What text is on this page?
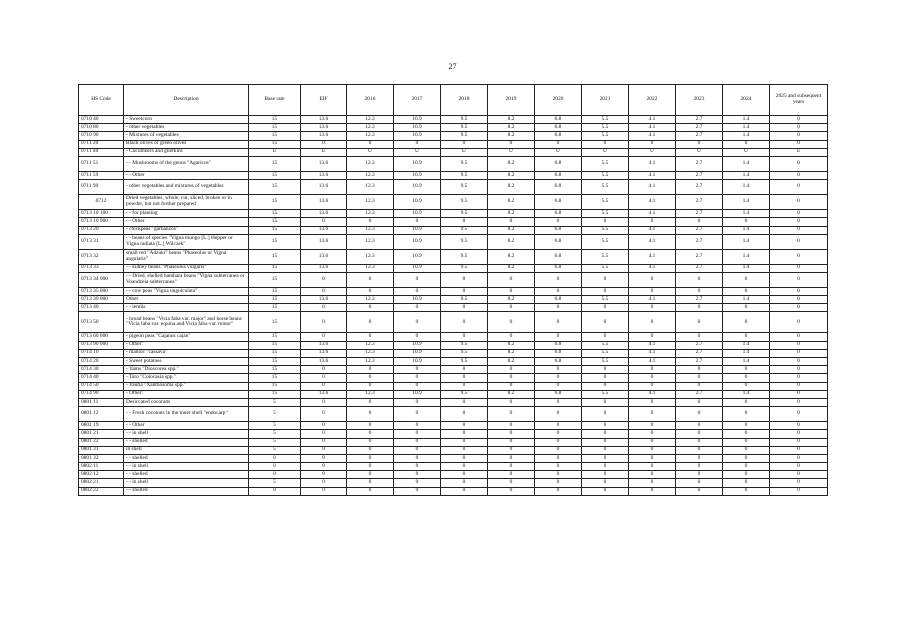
27
HS Code	Description	Base rate	EIF	2016	2017	2018	2019	2020	2021	2022	2023	2024	2025 and subsequent years
0710 40	- Sweetcorn	15	13.6	12.3	10.9	9.5	8.2	6.8	5.5	4.1	2.7	1.4	0
0710 80	- other vegetables	15	13.6	12.3	10.9	9.5	8.2	6.8	5.5	4.1	2.7	1.4	0
0710 90	- Mixtures of vegetables	15	13.6	12.3	10.9	9.5	8.2	6.8	5.5	4.1	2.7	1.4	0
0711 20	Black olives or green olives	15	0	0	0	0	0	0	0	0	0	0	0
0711 40	- Cucumbers and gherkins	U	U	U	U	U	U	U	U	U	U	U	U
0711 51	- - Mushrooms of the genus "Agaricus"	15	13.6	12.3	10.9	9.5	8.2	6.8	5.5	4.1	2.7	1.4	0
0711 59	- - Other	15	13.6	12.3	10.9	9.5	8.2	6.8	5.5	4.1	2.7	1.4	0
0711 90	- other vegetables and mixtures of vegetables	15	13.6	12.3	10.9	9.5	8.2	6.8	5.5	4.1	2.7	1.4	0
0712	Dried vegetables, whole, cut, sliced, broken or in powder, but not further prepared	15	13.6	12.3	10.9	9.5	8.2	6.8	5.5	4.1	2.7	1.4	0
0713 10 100	- - for planting	15	13.6	12.3	10.9	9.5	8.2	6.8	5.5	4.1	2.7	1.4	0
0713 10 900	- - Other	15	0	0	0	0	0	0	0	0	0	0	0
0713 20	- chickpeas "garbanzos"	15	13.6	12.3	10.9	9.5	8.2	6.8	5.5	4.1	2.7	1.4	0
0713 31	- - beans of species "Vigna mungo [L.] Hepper or Vigna radiata [L.] Wilczek"	15	13.6	12.3	10.9	9.5	8.2	6.8	5.5	4.1	2.7	1.4	0
0713 32	small red "Adzuki" beans "Phaseolus or Vigna angularis"	15	13.6	12.3	10.9	9.5	8.2	6.8	5.5	4.1	2.7	1.4	0
0713 33	- - kidney beans "Phaseolus vulgaris"	15	13.6	12.3	10.9	9.5	8.2	6.8	5.5	4.1	2.7	1.4	0
0713 34 000	- - Dried, shelled bambara beans "Vigna subterranea or Voandzeia subterranea"	15	0	0	0	0	0	0	0	0	0	0	0
0713 35 000	- - cow peas "Vigna unguiculata"	15	0	0	0	0	0	0	0	0	0	0	0
0713 39 000	Other	15	13.6	12.3	10.9	9.5	8.2	6.8	5.5	4.1	2.7	1.4	0
0713 40	- - lentils	15	0	0	0	0	0	0	0	0	0	0	0
0713 50	- broad beans "Vicia faba var. major" and horse beans "Vicia faba var. equina and Vicia faba var. minor"	15	0	0	0	0	0	0	0	0	0	0	0
0713 60 000	- pigeon peas "Cajanus cajan"	15	0	0	0	0	0	0	0	0	0	0	0
0713 90 000	- Other:	15	13.6	12.3	10.9	9.5	8.2	6.8	5.5	4.1	2.7	1.4	0
0714 10	- manioc "cassava"	15	13.6	12.3	10.9	9.5	8.2	6.8	5.5	4.1	2.7	1.4	0
0714 20	- Sweet potatoes	15	13.6	12.3	10.9	9.5	8.2	6.8	5.5	4.1	2.7	1.4	0
0714 30	- Yams "Dioscorea spp."	15	0	0	0	0	0	0	0	0	0	0	0
0714 40	- Taro "Colocasia spp."	15	0	0	0	0	0	0	0	0	0	0	0
0714 50	- Yautia "Xanthosoma spp."	15	0	0	0	0	0	0	0	0	0	0	0
0714 90	- Other:	15	13.6	12.3	10.9	9.5	8.2	6.8	5.5	4.1	2.7	1.4	0
0801 11	Desiccated coconuts	5	0	0	0	0	0	0	0	0	0	0	0
0801 12	- - Fresh coconuts in the inner shell "endocarp"	5	0	0	0	0	0	0	0	0	0	0	0
0801 19	- - Other	5	0	0	0	0	0	0	0	0	0	0	0
0801 21	- - in shell	5	0	0	0	0	0	0	0	0	0	0	0
0801 22	- - shelled	5	0	0	0	0	0	0	0	0	0	0	0
0801 31	in shell	5	0	0	0	0	0	0	0	0	0	0	0
0801 32	- - shelled	0	0	0	0	0	0	0	0	0	0	0	0
0802 11	- - in shell	0	0	0	0	0	0	0	0	0	0	0	0
0802 12	- - shelled	0	0	0	0	0	0	0	0	0	0	0	0
0802 21	- - in shell	5	0	0	0	0	0	0	0	0	0	0	0
0802 22	- - shelled	0	0	0	0	0	0	0	0	0	0	0	0
